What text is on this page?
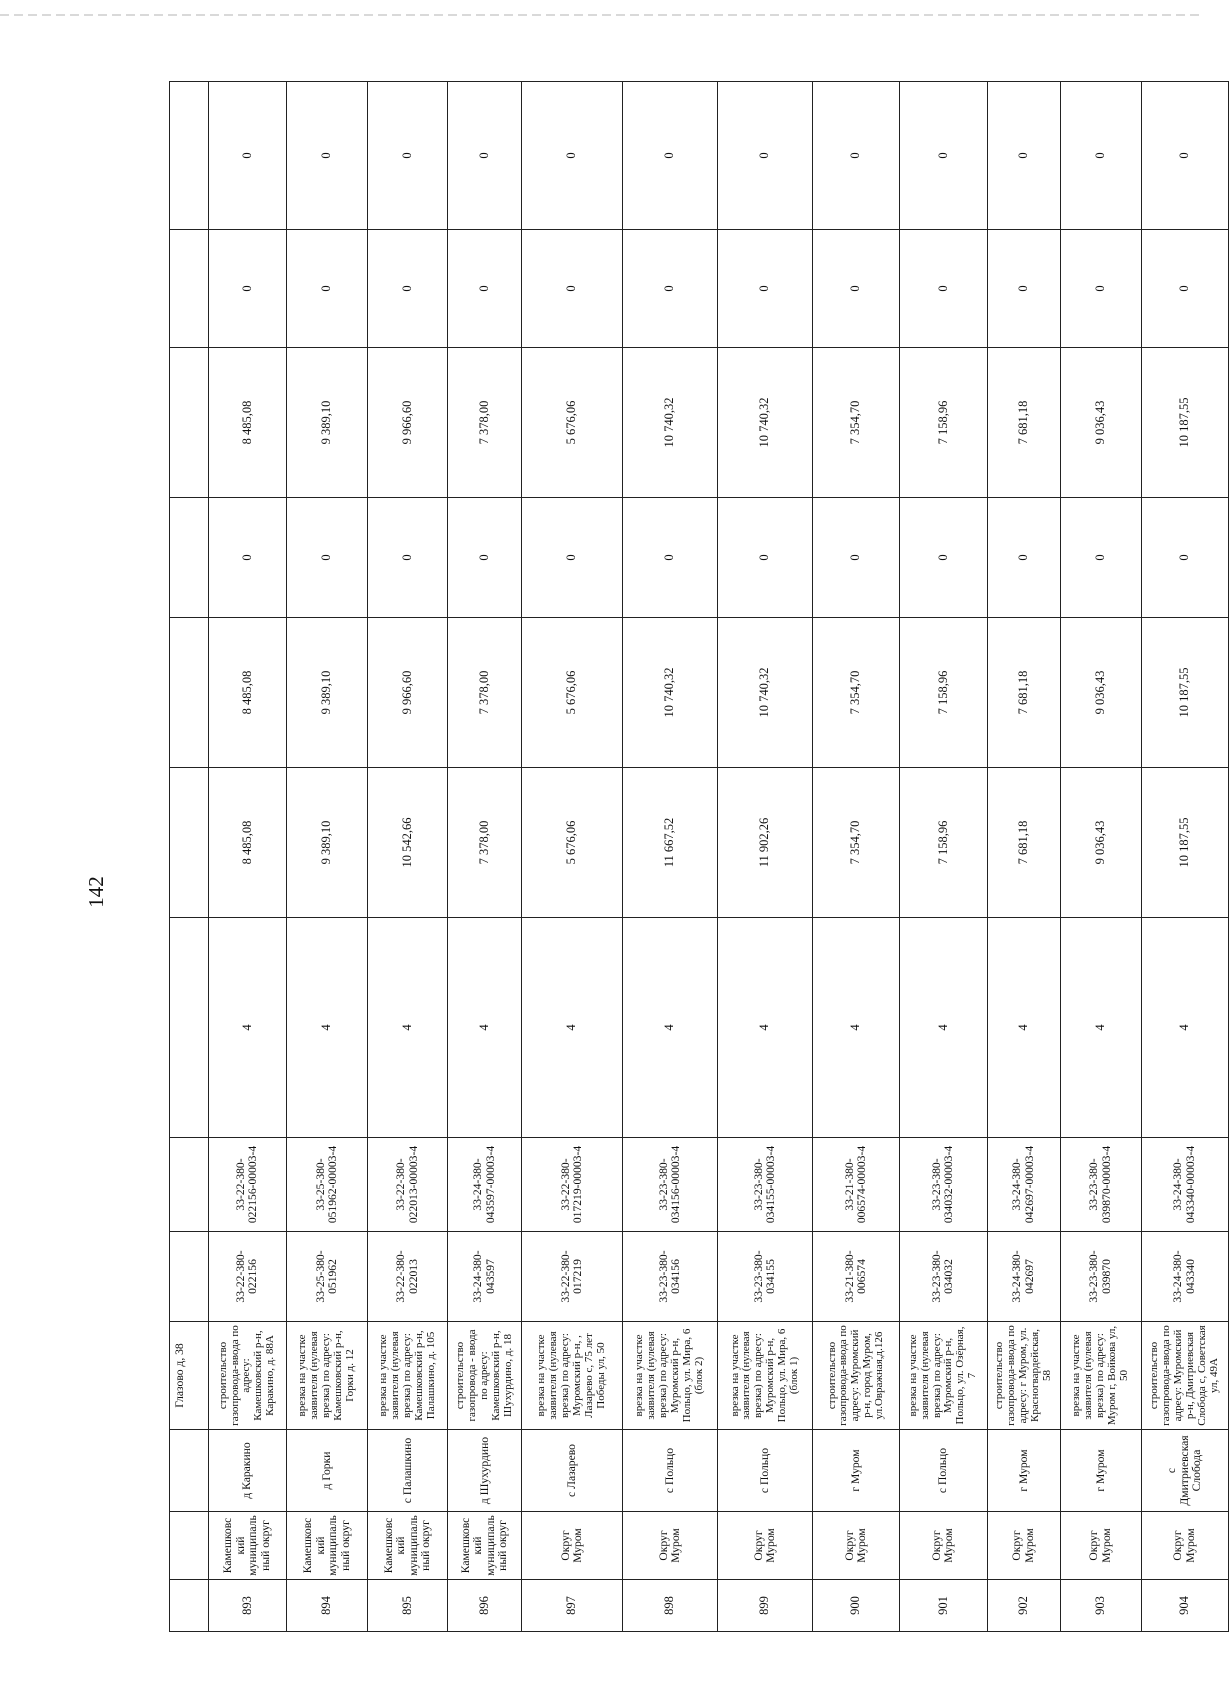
142
			Глазово д, 38									
893	Камешковский муниципальный округ	д Каракино	строительство газопровода-ввода по адресу: Камешковский р-н, Каракино, д. 88А	33-22-380-022156	33-22-380-022156-00003-4	4	8 485,08	8 485,08	0	8 485,08	0	0
894	Камешковский муниципальный округ	д Горки	врезка на участке заявителя (нулевая врезка) по адресу: Камешковский р-н, Горки д. 12	33-25-380-051962	33-25-380-051962-00003-4	4	9 389,10	9 389,10	0	9 389,10	0	0
895	Камешковский муниципальный округ	с Палашкино	врезка на участке заявителя (нулевая врезка) по адресу: Камешковский р-н, Палашкино, д. 105	33-22-380-022013	33-22-380-022013-00003-4	4	10 542,66	9 966,60	0	9 966,60	0	0
896	Камешковский муниципальный округ	д Шухурдино	строительство газопровода - ввода по адресу: Камешковский р-н, Шухурдино, д. 18	33-24-380-043597	33-24-380-043597-00003-4	4	7 378,00	7 378,00	0	7 378,00	0	0
897	Округ Муром	с Лазарево	врезка на участке заявителя (нулевая врезка) по адресу: Муромский р-н, , Лазарево с, 75 лет Победы ул, 50	33-22-380-017219	33-22-380-017219-00003-4	4	5 676,06	5 676,06	0	5 676,06	0	0
898	Округ Муром	с Польцо	врезка на участке заявителя (нулевая врезка) по адресу: Муромский р-н, Польцо, ул. Мира, 6 (блок 2)	33-23-380-034156	33-23-380-034156-00003-4	4	11 667,52	10 740,32	0	10 740,32	0	0
899	Округ Муром	с Польцо	врезка на участке заявителя (нулевая врезка) по адресу: Муромский р-н, Польцо, ул. Мира, 6 (блок 1)	33-23-380-034155	33-23-380-034155-00003-4	4	11 902,26	10 740,32	0	10 740,32	0	0
900	Округ Муром	г Муром	строительство газопровода-ввода по адресу: Муромский р-н, город Муром, ул.Овражная,д.126	33-21-380-006574	33-21-380-006574-00003-4	4	7 354,70	7 354,70	0	7 354,70	0	0
901	Округ Муром	с Польцо	врезка на участке заявителя (нулевая врезка) по адресу: Муромский р-н, Польцо, ул. Озёрная, 7	33-23-380-034032	33-23-380-034032-00003-4	4	7 158,96	7 158,96	0	7 158,96	0	0
902	Округ Муром	г Муром	строительство газопровода-ввода по адресу: г Муром, ул. Красногвардейская, 58	33-24-380-042697	33-24-380-042697-00003-4	4	7 681,18	7 681,18	0	7 681,18	0	0
903	Округ Муром	г Муром	врезка на участке заявителя (нулевая врезка) по адресу: Муром г, Войкова ул, 50	33-23-380-039870	33-23-380-039870-00003-4	4	9 036,43	9 036,43	0	9 036,43	0	0
904	Округ Муром	с Дмитриевская Слобода	строительство газопровода-ввода по адресу: Муромский р-н, Дмитриевская Слобода с, Советская ул, 49А	33-24-380-043340	33-24-380-043340-00003-4	4	10 187,55	10 187,55	0	10 187,55	0	0
